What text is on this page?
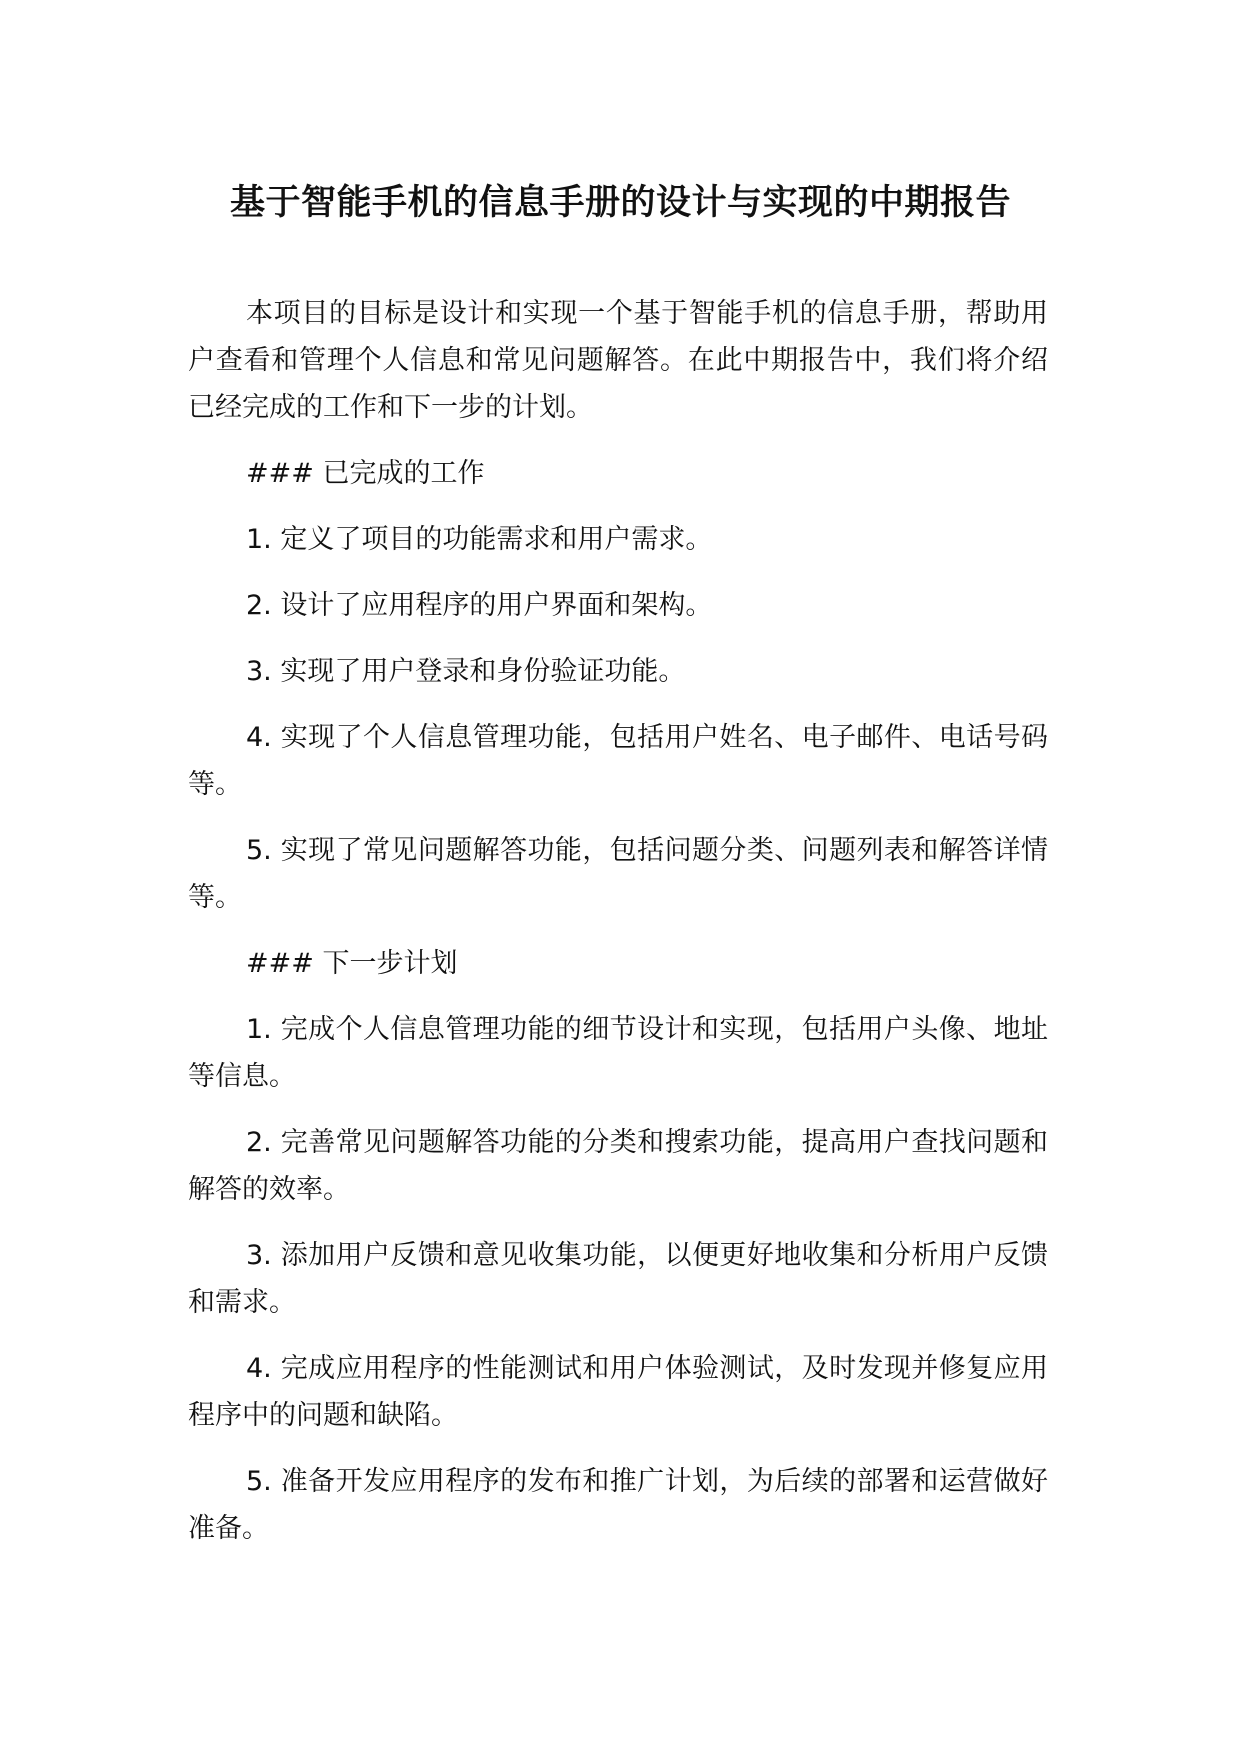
基于智能手机的信息手册的设计与实现的中期报告

本项目的目标是设计和实现一个基于智能手机的信息手册，帮助用户查看和管理个人信息和常见问题解答。在此中期报告中，我们将介绍已经完成的工作和下一步的计划。

### 已完成的工作

1. 定义了项目的功能需求和用户需求。

2. 设计了应用程序的用户界面和架构。

3. 实现了用户登录和身份验证功能。

4. 实现了个人信息管理功能，包括用户姓名、电子邮件、电话号码等。

5. 实现了常见问题解答功能，包括问题分类、问题列表和解答详情等。

### 下一步计划

1. 完成个人信息管理功能的细节设计和实现，包括用户头像、地址等信息。

2. 完善常见问题解答功能的分类和搜索功能，提高用户查找问题和解答的效率。

3. 添加用户反馈和意见收集功能，以便更好地收集和分析用户反馈和需求。

4. 完成应用程序的性能测试和用户体验测试，及时发现并修复应用程序中的问题和缺陷。

5. 准备开发应用程序的发布和推广计划，为后续的部署和运营做好准备。
